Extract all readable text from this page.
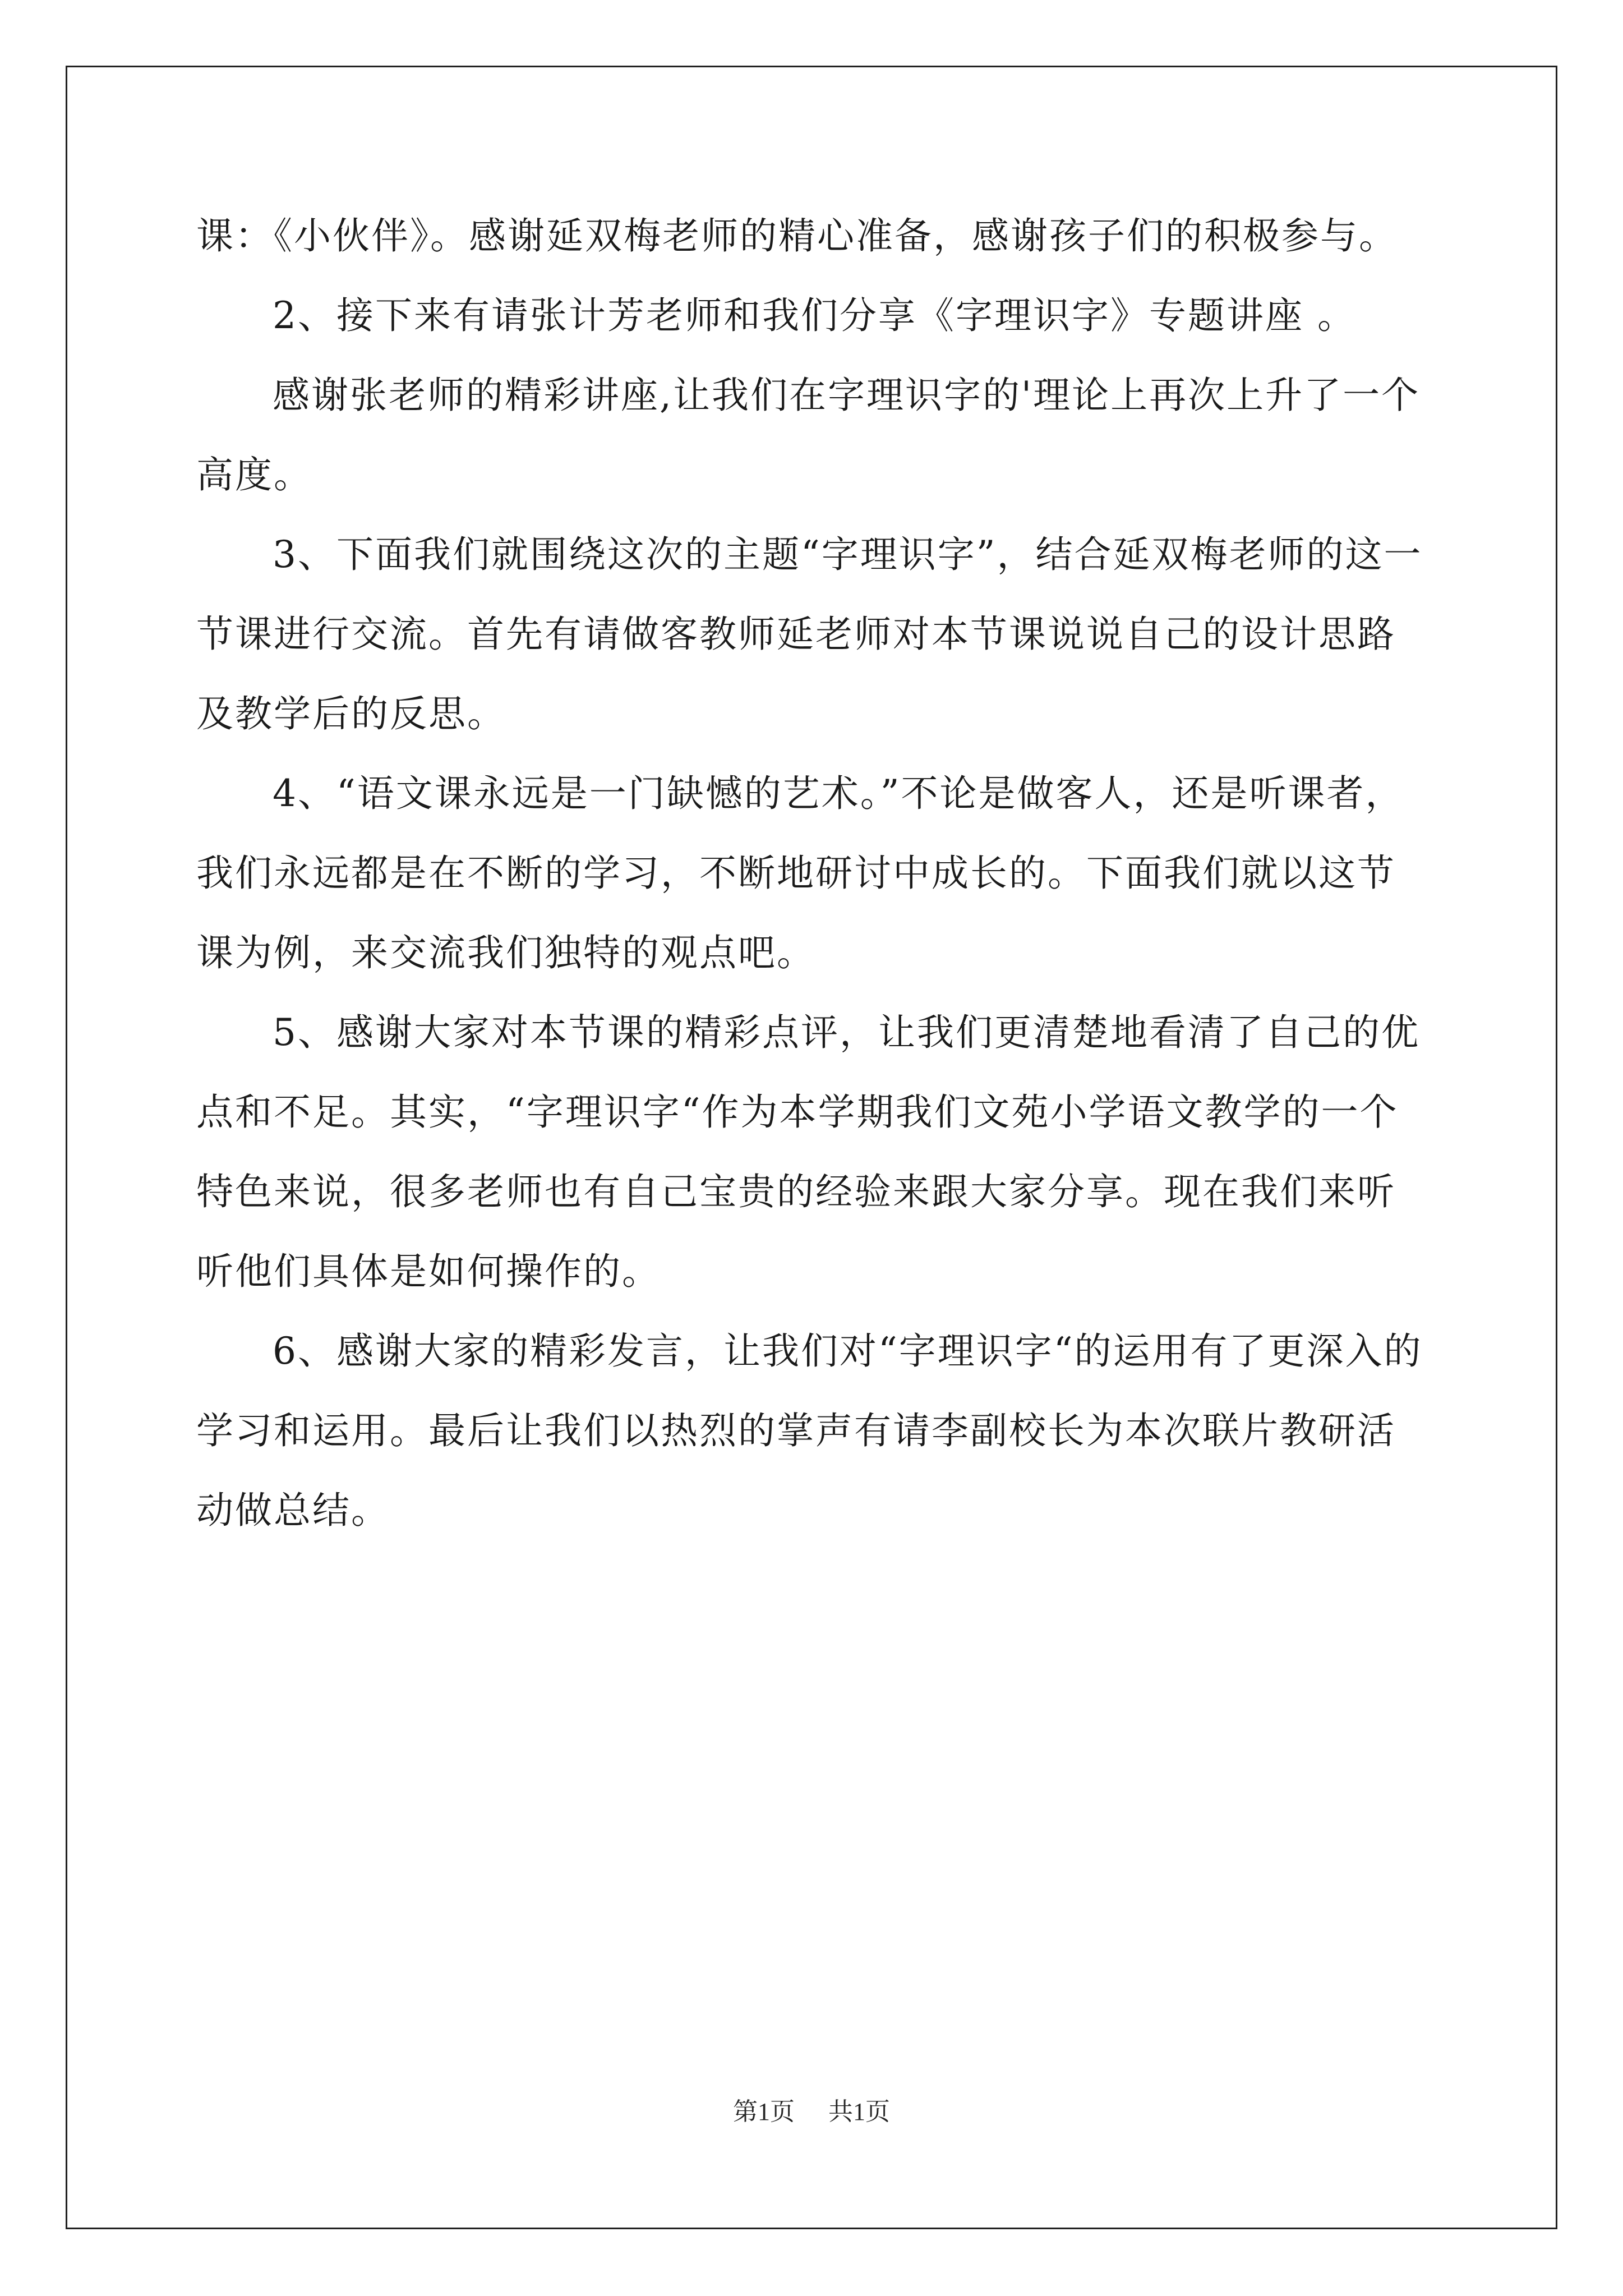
课：《小伙伴》。感谢延双梅老师的精心准备，感谢孩子们的积极参与。

2、接下来有请张计芳老师和我们分享《字理识字》专题讲座 。

感谢张老师的精彩讲座,让我们在字理识字的'理论上再次上升了一个高度。

3、下面我们就围绕这次的主题“字理识字”，结合延双梅老师的这一节课进行交流。首先有请做客教师延老师对本节课说说自己的设计思路及教学后的反思。

4、“语文课永远是一门缺憾的艺术。”不论是做客人，还是听课者，我们永远都是在不断的学习，不断地研讨中成长的。下面我们就以这节课为例，来交流我们独特的观点吧。

5、感谢大家对本节课的精彩点评，让我们更清楚地看清了自己的优点和不足。其实，“字理识字“作为本学期我们文苑小学语文教学的一个特色来说，很多老师也有自己宝贵的经验来跟大家分享。现在我们来听听他们具体是如何操作的。

6、感谢大家的精彩发言，让我们对“字理识字“的运用有了更深入的学习和运用。最后让我们以热烈的掌声有请李副校长为本次联片教研活动做总结。

第1页 共1页
